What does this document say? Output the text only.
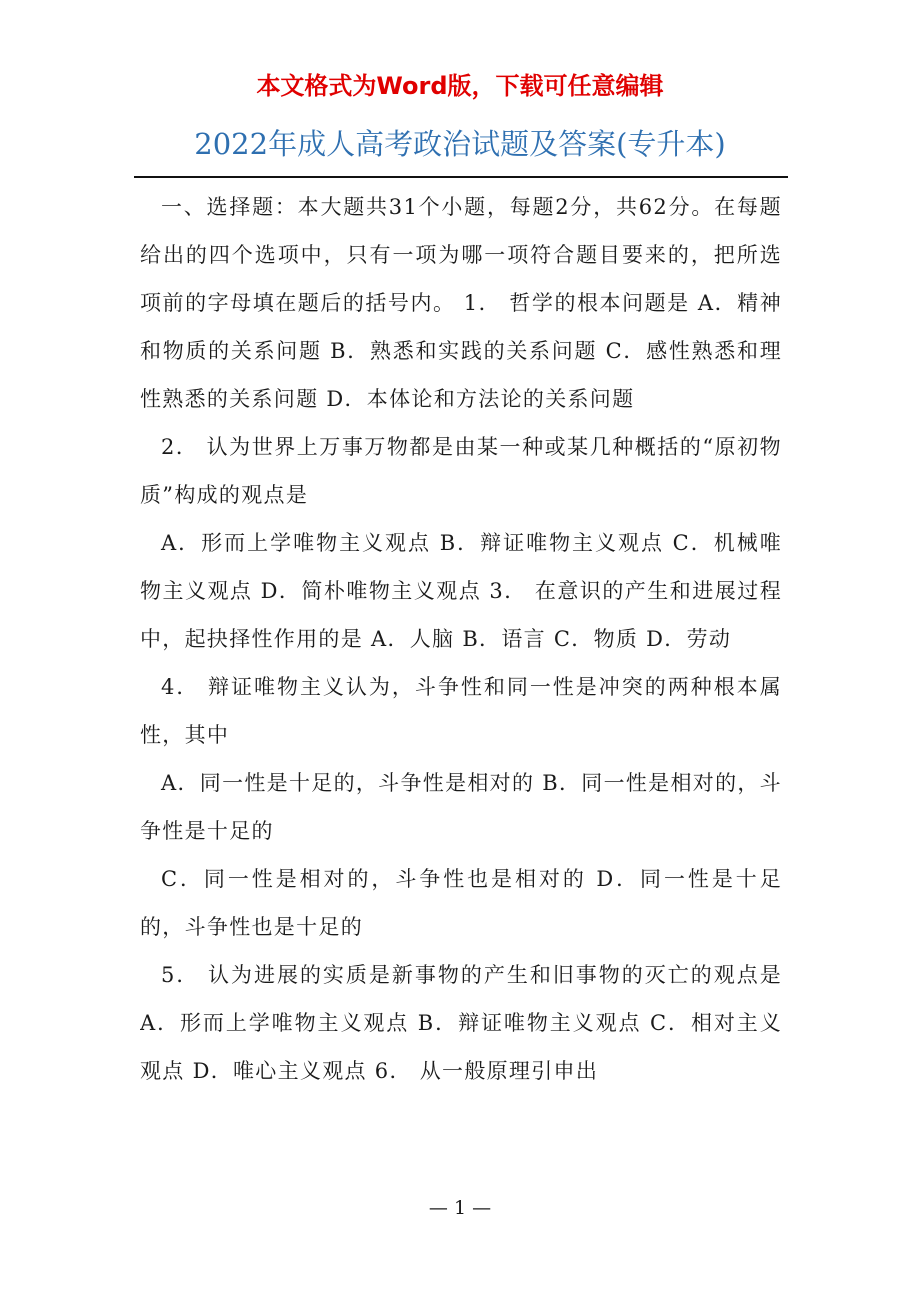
本文格式为Word版，下载可任意编辑
2022年成人高考政治试题及答案(专升本)

一、选择题：本大题共31个小题，每题2分，共62分。在每题给出的四个选项中，只有一项为哪一项符合题目要来的，把所选项前的字母填在题后的括号内。 1． 哲学的根本问题是 A．精神和物质的关系问题 B．熟悉和实践的关系问题 C．感性熟悉和理性熟悉的关系问题 D．本体论和方法论的关系问题

2． 认为世界上万事万物都是由某一种或某几种概括的“原初物质”构成的观点是

A．形而上学唯物主义观点 B．辩证唯物主义观点 C．机械唯物主义观点 D．简朴唯物主义观点 3． 在意识的产生和进展过程中，起抉择性作用的是 A．人脑 B．语言 C．物质 D．劳动

4． 辩证唯物主义认为，斗争性和同一性是冲突的两种根本属性，其中

A．同一性是十足的，斗争性是相对的 B．同一性是相对的，斗争性是十足的

C．同一性是相对的，斗争性也是相对的 D．同一性是十足的，斗争性也是十足的

5． 认为进展的实质是新事物的产生和旧事物的灭亡的观点是 A．形而上学唯物主义观点 B．辩证唯物主义观点 C．相对主义观点 D．唯心主义观点 6． 从一般原理引申出

— 1 —
